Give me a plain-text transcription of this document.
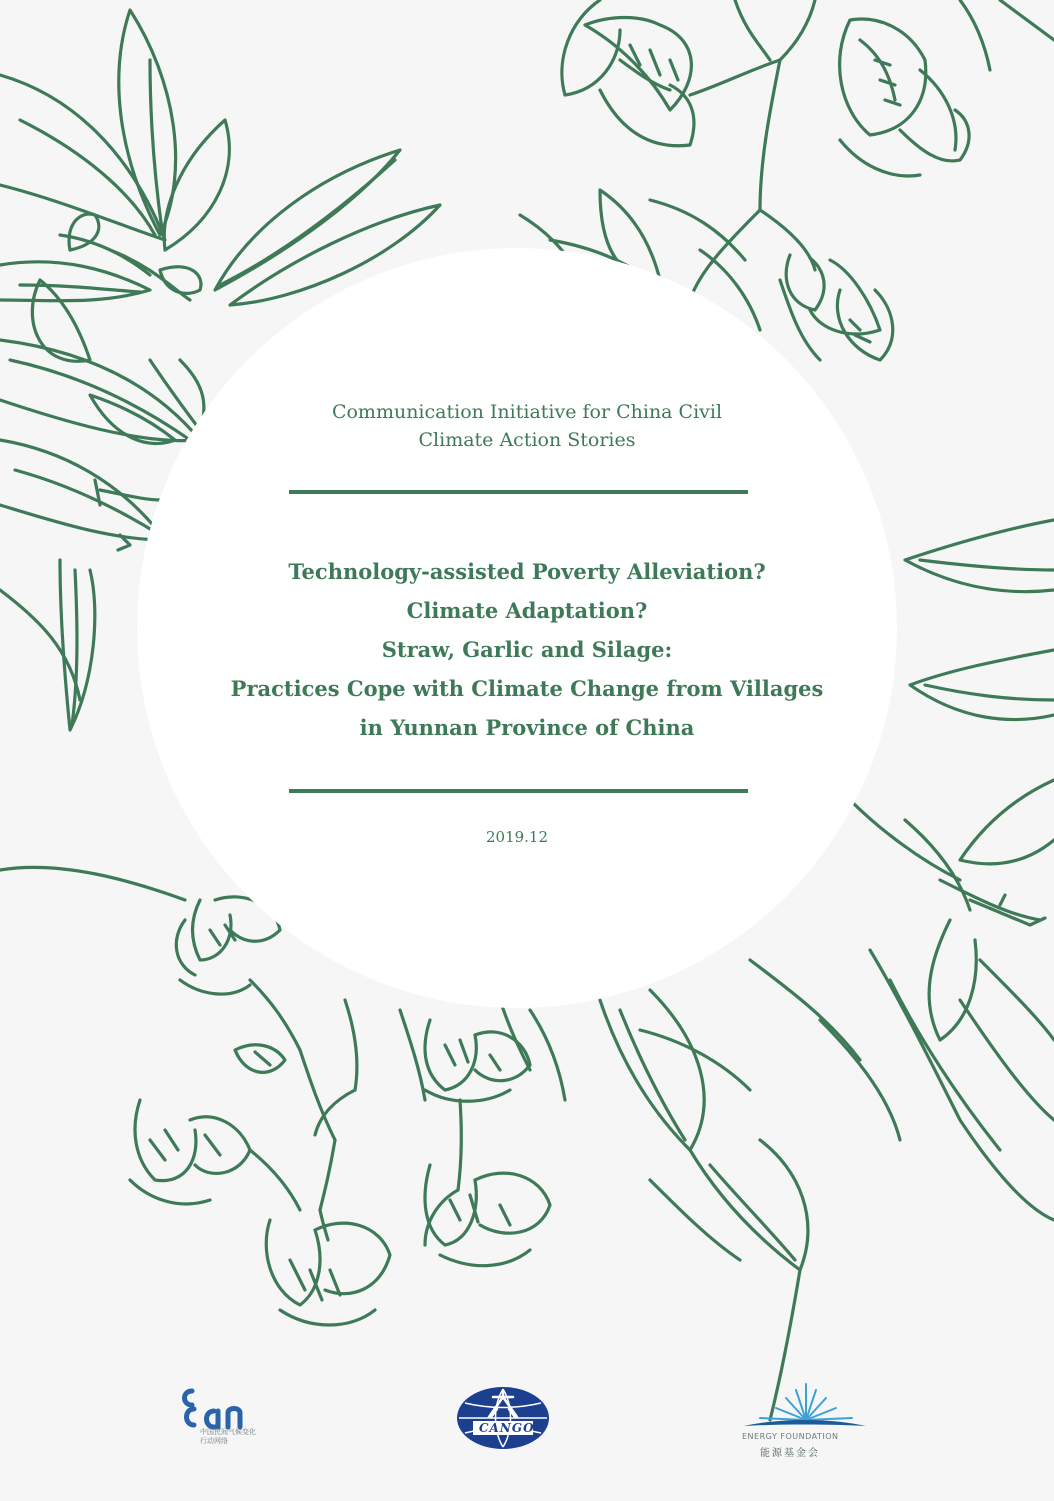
Communication Initiative for China Civil
Climate Action Stories
Technology-assisted Poverty Alleviation?
Climate Adaptation?
Straw, Garlic and Silage:
Practices Cope with Climate Change from Villages
in Yunnan Province of China
2019.12
中国民间气候变化
行动网络
CANGO
ENERGY FOUNDATION
能源基金会
